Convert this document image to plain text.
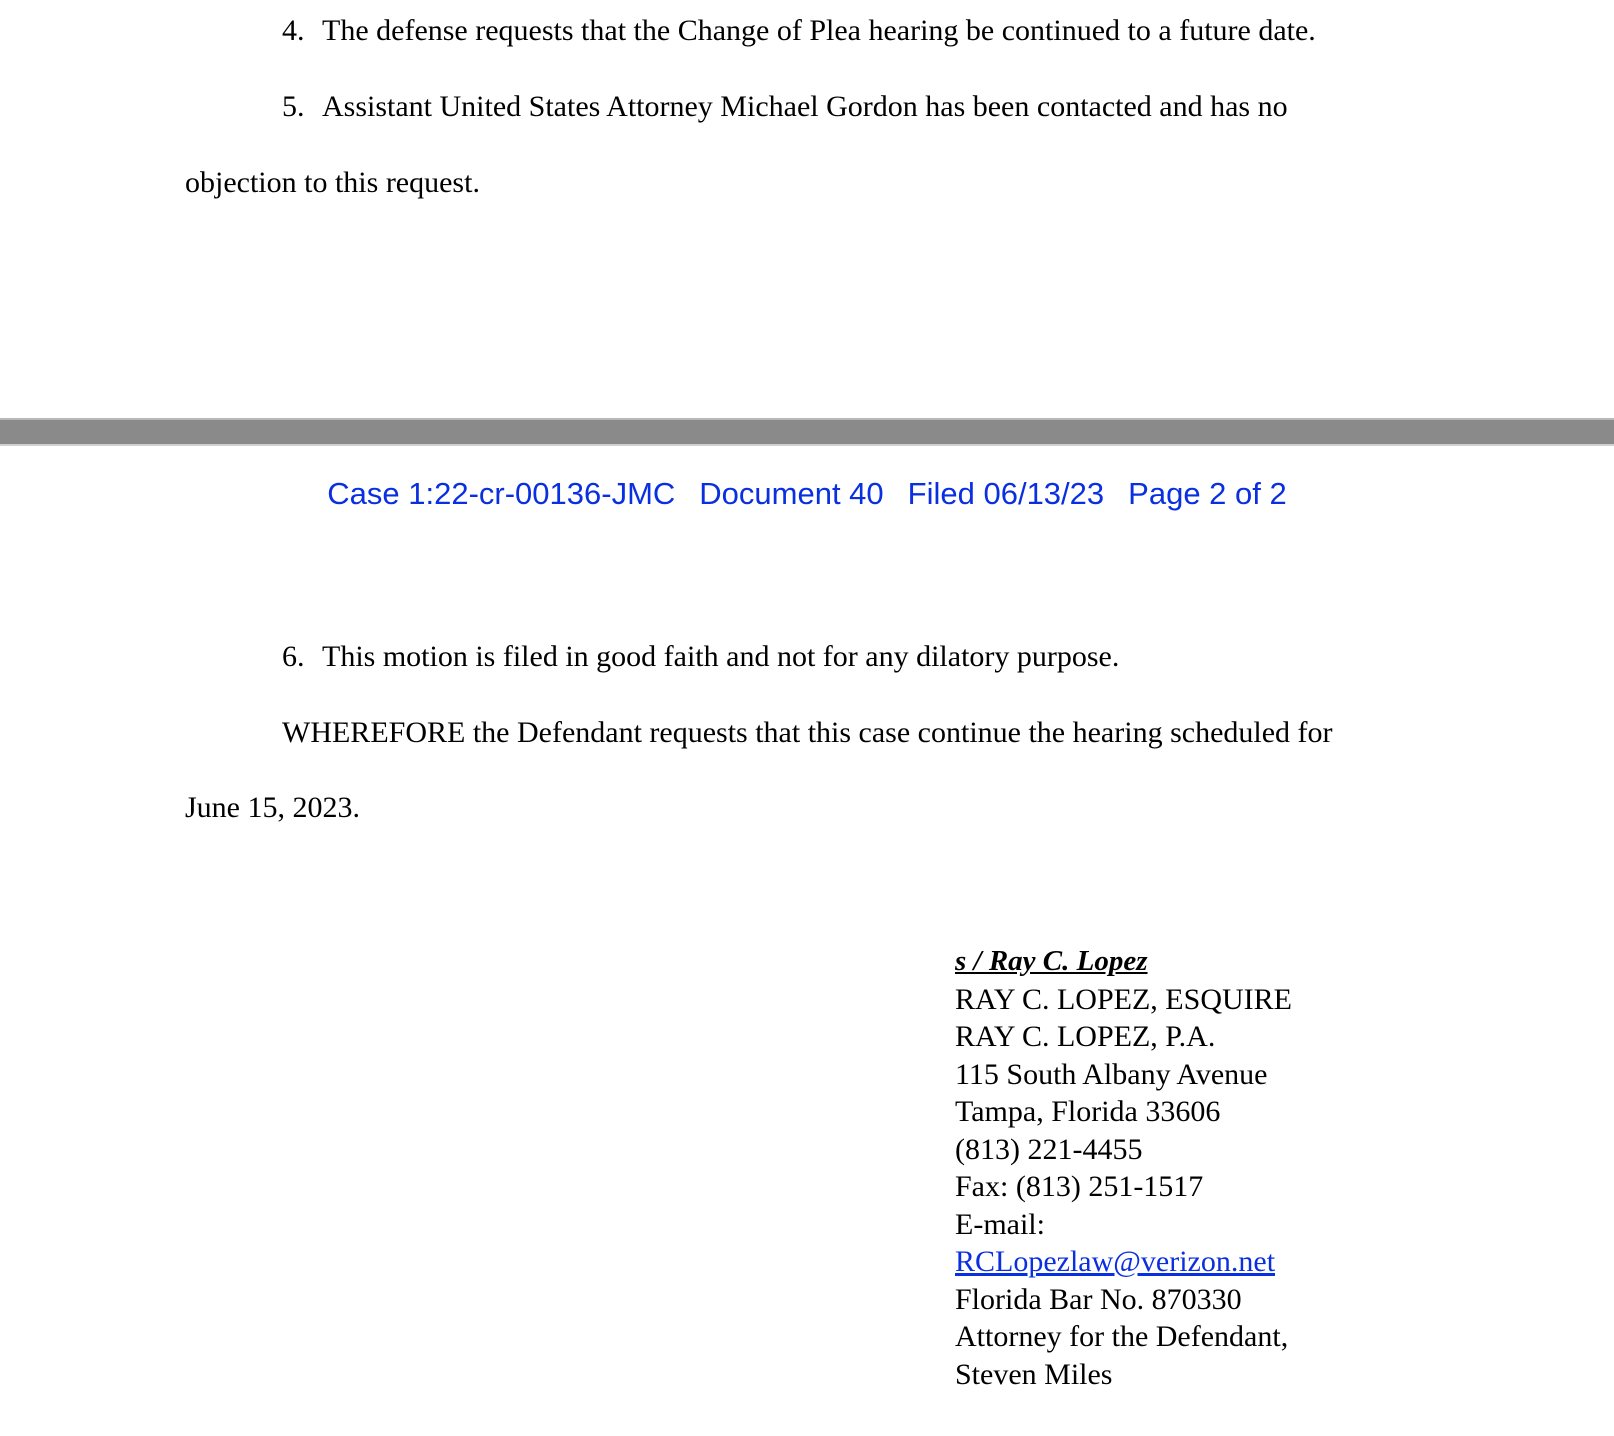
4. The defense requests that the Change of Plea hearing be continued to a future date.
5. Assistant United States Attorney Michael Gordon has been contacted and has no
objection to this request.
Case 1:22-cr-00136-JMC Document 40 Filed 06/13/23 Page 2 of 2
6. This motion is filed in good faith and not for any dilatory purpose.
WHEREFORE the Defendant requests that this case continue the hearing scheduled for
June 15, 2023.
s / Ray C. Lopez
RAY C. LOPEZ, ESQUIRE
RAY C. LOPEZ, P.A.
115 South Albany Avenue
Tampa, Florida 33606
(813) 221-4455
Fax: (813) 251-1517
E-mail:
RCLopezlaw@verizon.net
Florida Bar No. 870330
Attorney for the Defendant,
Steven Miles
